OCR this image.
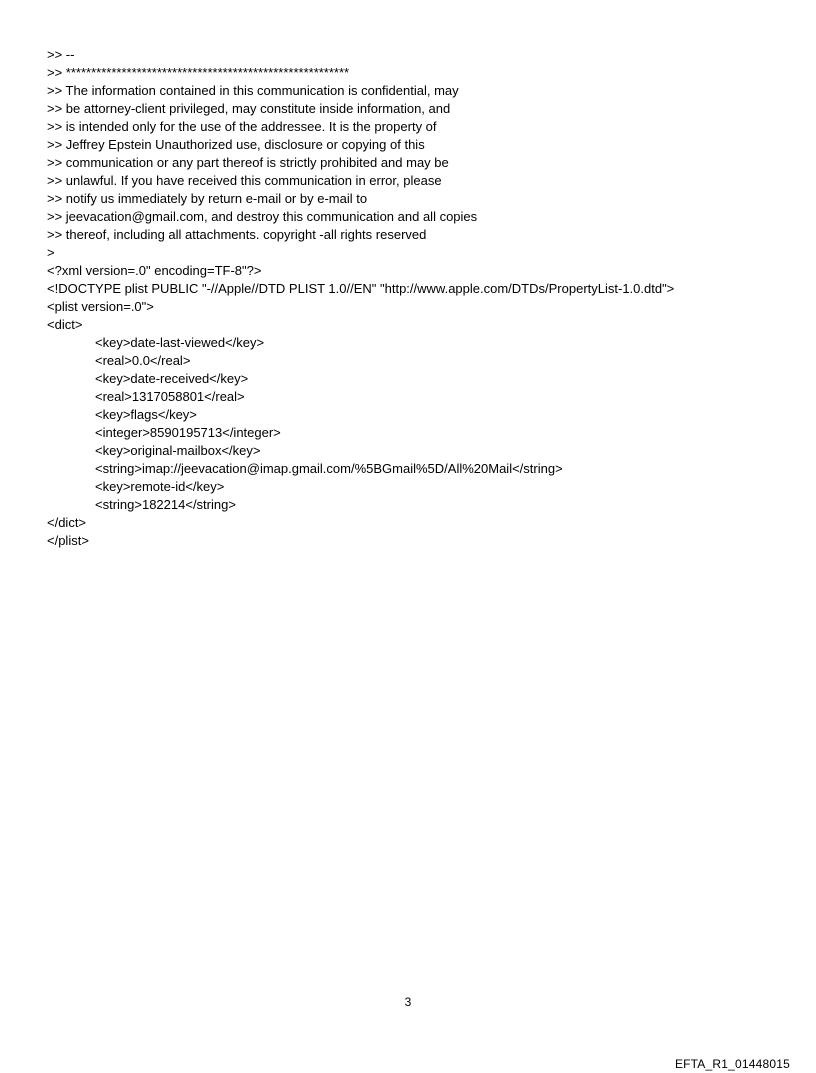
>> --
>> ********************************************************
>> The information contained in this communication is confidential, may
>> be attorney-client privileged, may constitute inside information, and
>> is intended only for the use of the addressee. It is the property of
>> Jeffrey Epstein Unauthorized use, disclosure or copying of this
>> communication or any part thereof is strictly prohibited and may be
>> unlawful. If you have received this communication in error, please
>> notify us immediately by return e-mail or by e-mail to
>> jeevacation@gmail.com, and destroy this communication and all copies
>> thereof, including all attachments. copyright -all rights reserved
>
<?xml version=.0" encoding=TF-8"?>
<!DOCTYPE plist PUBLIC "-//Apple//DTD PLIST 1.0//EN" "http://www.apple.com/DTDs/PropertyList-1.0.dtd">
<plist version=.0">
<dict>
<key>date-last-viewed</key>
<real>0.0</real>
<key>date-received</key>
<real>1317058801</real>
<key>flags</key>
<integer>8590195713</integer>
<key>original-mailbox</key>
<string>imap://jeevacation@imap.gmail.com/%5BGmail%5D/All%20Mail</string>
<key>remote-id</key>
<string>182214</string>
</dict>
</plist>
3
EFTA_R1_01448015
